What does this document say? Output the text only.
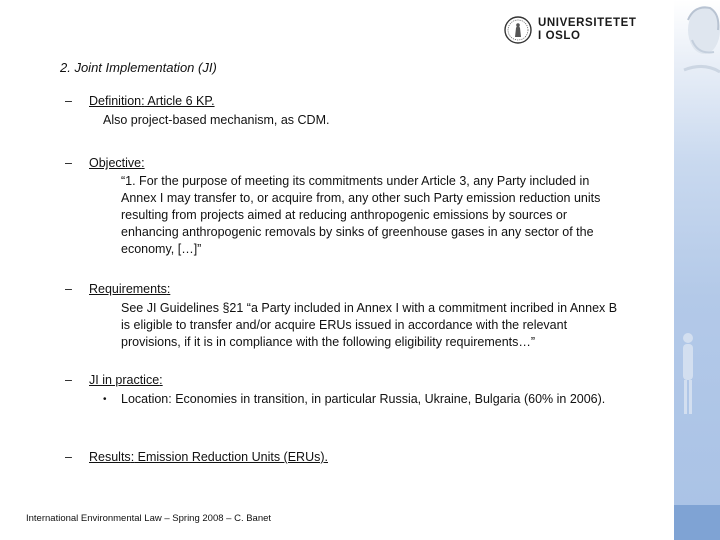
UNIVERSITETET
I OSLO
2. Joint Implementation (JI)
– Definition: Article 6 KP.
Also project-based mechanism, as CDM.
– Objective:
“1. For the purpose of meeting its commitments under Article 3, any Party included in Annex I may transfer to, or acquire from, any other such Party emission reduction units resulting from projects aimed at reducing anthropogenic emissions by sources or enhancing anthropogenic removals by sinks of greenhouse gases in any sector of the economy, […]”
– Requirements:
See JI Guidelines §21 “a Party included in Annex I with a commitment incribed in Annex B is eligible to transfer and/or acquire ERUs issued in accordance with the relevant provisions, if it is in compliance with the following eligibility requirements…”
– JI in practice:
• Location: Economies in transition, in particular Russia, Ukraine, Bulgaria (60% in 2006).
– Results: Emission Reduction Units (ERUs).
International Environmental Law – Spring 2008 – C. Banet
